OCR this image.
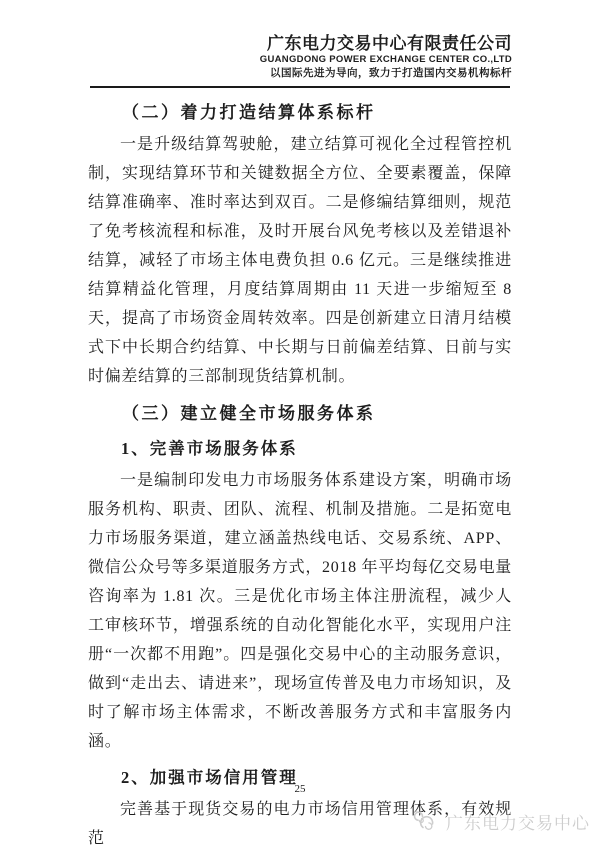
广东电力交易中心有限责任公司
GUANGDONG POWER EXCHANGE CENTER CO.,LTD
以国际先进为导向，致力于打造国内交易机构标杆
（二）着力打造结算体系标杆

一是升级结算驾驶舱，建立结算可视化全过程管控机制，实现结算环节和关键数据全方位、全要素覆盖，保障结算准确率、准时率达到双百。二是修编结算细则，规范了免考核流程和标准，及时开展台风免考核以及差错退补结算，减轻了市场主体电费负担 0.6 亿元。三是继续推进结算精益化管理，月度结算周期由 11 天进一步缩短至 8 天，提高了市场资金周转效率。四是创新建立日清月结模式下中长期合约结算、中长期与日前偏差结算、日前与实时偏差结算的三部制现货结算机制。

（三）建立健全市场服务体系
1、完善市场服务体系

一是编制印发电力市场服务体系建设方案，明确市场服务机构、职责、团队、流程、机制及措施。二是拓宽电力市场服务渠道，建立涵盖热线电话、交易系统、APP、微信公众号等多渠道服务方式，2018 年平均每亿交易电量咨询率为 1.81 次。三是优化市场主体注册流程，减少人工审核环节，增强系统的自动化智能化水平，实现用户注册“一次都不用跑”。四是强化交易中心的主动服务意识，做到“走出去、请进来”，现场宣传普及电力市场知识，及时了解市场主体需求，不断改善服务方式和丰富服务内涵。

2、加强市场信用管理

完善基于现货交易的电力市场信用管理体系，有效规范

25
广东电力交易中心
